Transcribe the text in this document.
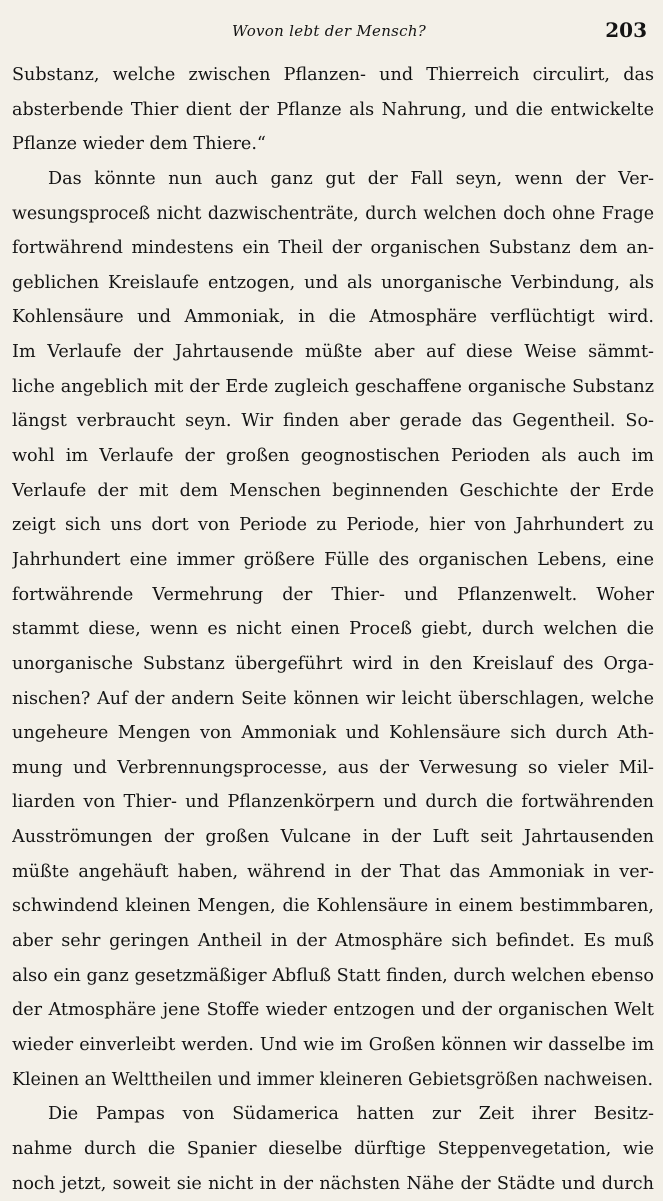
Wovon lebt der Mensch?	203
Substanz, welche zwischen Pflanzen- und Thierreich circulirt, das
absterbende Thier dient der Pflanze als Nahrung, und die entwickelte
Pflanze wieder dem Thiere.“
Das könnte nun auch ganz gut der Fall seyn, wenn der Ver-
wesungsproceß nicht dazwischenträte, durch welchen doch ohne Frage
fortwährend mindestens ein Theil der organischen Substanz dem an-
geblichen Kreislaufe entzogen, und als unorganische Verbindung, als
Kohlensäure und Ammoniak, in die Atmosphäre verflüchtigt wird.
Im Verlaufe der Jahrtausende müßte aber auf diese Weise sämmt-
liche angeblich mit der Erde zugleich geschaffene organische Substanz
längst verbraucht seyn. Wir finden aber gerade das Gegentheil. So-
wohl im Verlaufe der großen geognostischen Perioden als auch im
Verlaufe der mit dem Menschen beginnenden Geschichte der Erde
zeigt sich uns dort von Periode zu Periode, hier von Jahrhundert zu
Jahrhundert eine immer größere Fülle des organischen Lebens, eine
fortwährende Vermehrung der Thier- und Pflanzenwelt. Woher
stammt diese, wenn es nicht einen Proceß giebt, durch welchen die
unorganische Substanz übergeführt wird in den Kreislauf des Orga-
nischen? Auf der andern Seite können wir leicht überschlagen, welche
ungeheure Mengen von Ammoniak und Kohlensäure sich durch Ath-
mung und Verbrennungsprocesse, aus der Verwesung so vieler Mil-
liarden von Thier- und Pflanzenkörpern und durch die fortwährenden
Ausströmungen der großen Vulcane in der Luft seit Jahrtausenden
müßte angehäuft haben, während in der That das Ammoniak in ver-
schwindend kleinen Mengen, die Kohlensäure in einem bestimmbaren,
aber sehr geringen Antheil in der Atmosphäre sich befindet. Es muß
also ein ganz gesetzmäßiger Abfluß Statt finden, durch welchen ebenso
der Atmosphäre jene Stoffe wieder entzogen und der organischen Welt
wieder einverleibt werden. Und wie im Großen können wir dasselbe im
Kleinen an Welttheilen und immer kleineren Gebietsgrößen nachweisen.
Die Pampas von Südamerica hatten zur Zeit ihrer Besitz-
nahme durch die Spanier dieselbe dürftige Steppenvegetation, wie
noch jetzt, soweit sie nicht in der nächsten Nähe der Städte und durch
